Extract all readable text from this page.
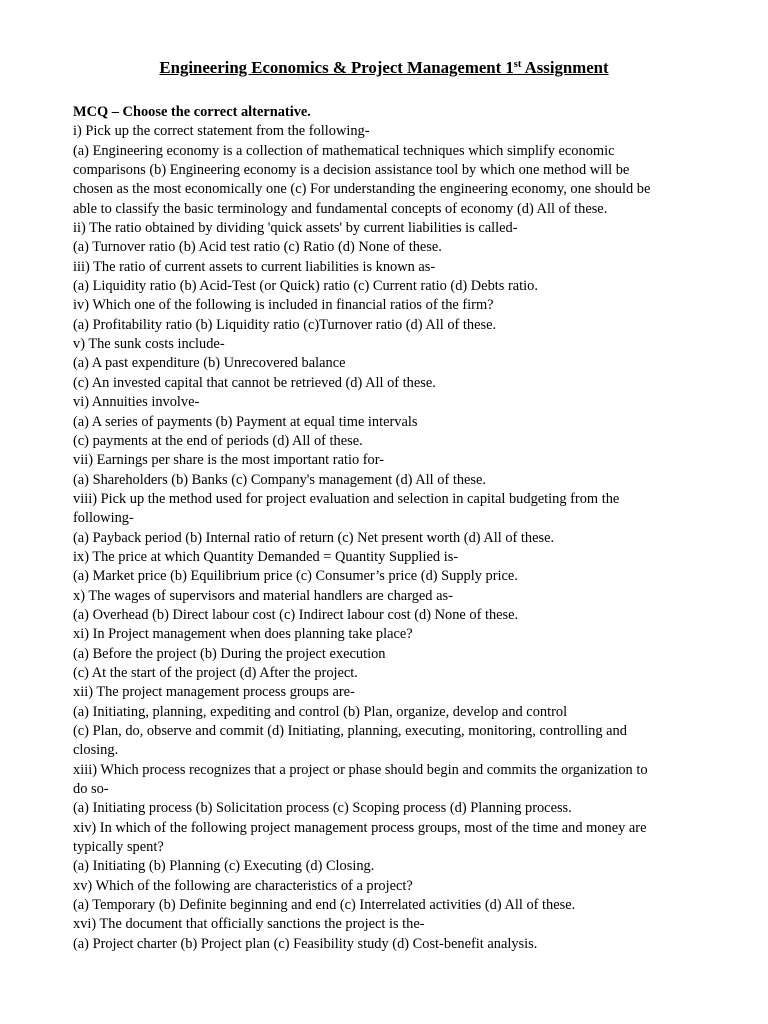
Engineering Economics & Project Management 1st Assignment
MCQ – Choose the correct alternative.
i) Pick up the correct statement from the following-
(a) Engineering economy is a collection of mathematical techniques which simplify economic
comparisons (b) Engineering economy is a decision assistance tool by which one method will be
chosen as the most economically one (c) For understanding the engineering economy, one should be
able to classify the basic terminology and fundamental concepts of economy (d) All of these.
ii) The ratio obtained by dividing 'quick assets' by current liabilities is called-
(a) Turnover ratio (b) Acid test ratio (c) Ratio (d) None of these.
iii) The ratio of current assets to current liabilities is known as-
(a) Liquidity ratio (b) Acid-Test (or Quick) ratio (c) Current ratio (d) Debts ratio.
iv) Which one of the following is included in financial ratios of the firm?
(a) Profitability ratio (b) Liquidity ratio (c)Turnover ratio (d) All of these.
v) The sunk costs include-
(a) A past expenditure (b) Unrecovered balance
(c) An invested capital that cannot be retrieved (d) All of these.
vi) Annuities involve-
(a) A series of payments (b) Payment at equal time intervals
(c) payments at the end of periods (d) All of these.
vii) Earnings per share is the most important ratio for-
(a) Shareholders (b) Banks (c) Company's management (d) All of these.
viii) Pick up the method used for project evaluation and selection in capital budgeting from the
following-
(a) Payback period (b) Internal ratio of return (c) Net present worth (d) All of these.
ix) The price at which Quantity Demanded = Quantity Supplied is-
(a) Market price (b) Equilibrium price (c) Consumer’s price (d) Supply price.
x) The wages of supervisors and material handlers are charged as-
(a) Overhead (b) Direct labour cost (c) Indirect labour cost (d) None of these.
xi) In Project management when does planning take place?
(a) Before the project (b) During the project execution
(c) At the start of the project (d) After the project.
xii) The project management process groups are-
(a) Initiating, planning, expediting and control (b) Plan, organize, develop and control
(c) Plan, do, observe and commit (d) Initiating, planning, executing, monitoring, controlling and
closing.
xiii) Which process recognizes that a project or phase should begin and commits the organization to
do so-
(a) Initiating process (b) Solicitation process (c) Scoping process (d) Planning process.
xiv) In which of the following project management process groups, most of the time and money are
typically spent?
(a) Initiating (b) Planning (c) Executing (d) Closing.
xv) Which of the following are characteristics of a project?
(a) Temporary (b) Definite beginning and end (c) Interrelated activities (d) All of these.
xvi) The document that officially sanctions the project is the-
(a) Project charter (b) Project plan (c) Feasibility study (d) Cost-benefit analysis.
